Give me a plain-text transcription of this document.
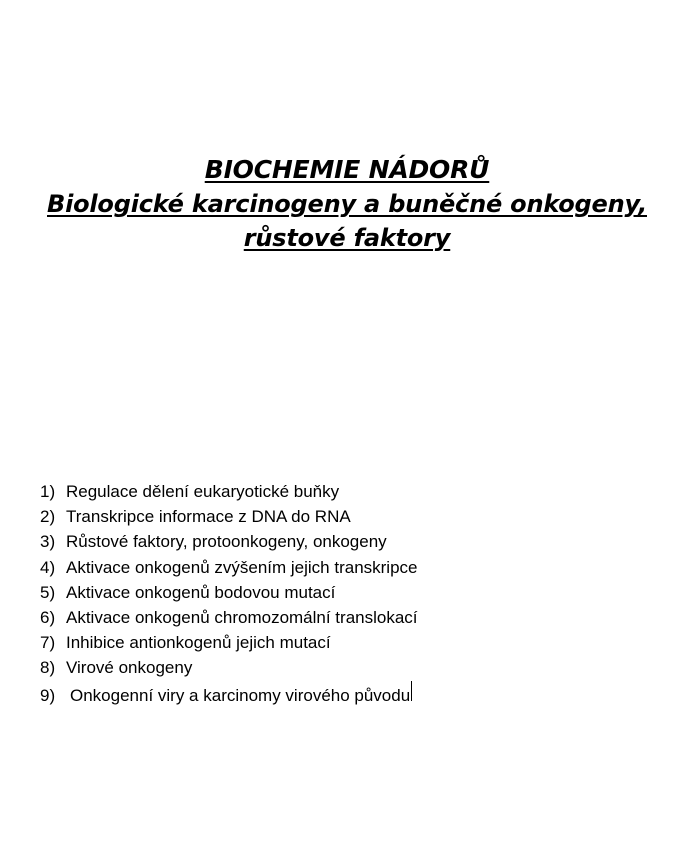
BIOCHEMIE NÁDORŮ
Biologické karcinogeny a buněčné onkogeny,
růstové faktory
1) Regulace dělení eukaryotické buňky
2) Transkripce informace z DNA do RNA
3) Růstové faktory, protoonkogeny, onkogeny
4) Aktivace onkogenů zvýšením jejich transkripce
5) Aktivace onkogenů bodovou mutací
6) Aktivace onkogenů chromozomální translokací
7) Inhibice antionkogenů jejich mutací
8) Virové onkogeny
9) Onkogenní viry a karcinomy virového původu
